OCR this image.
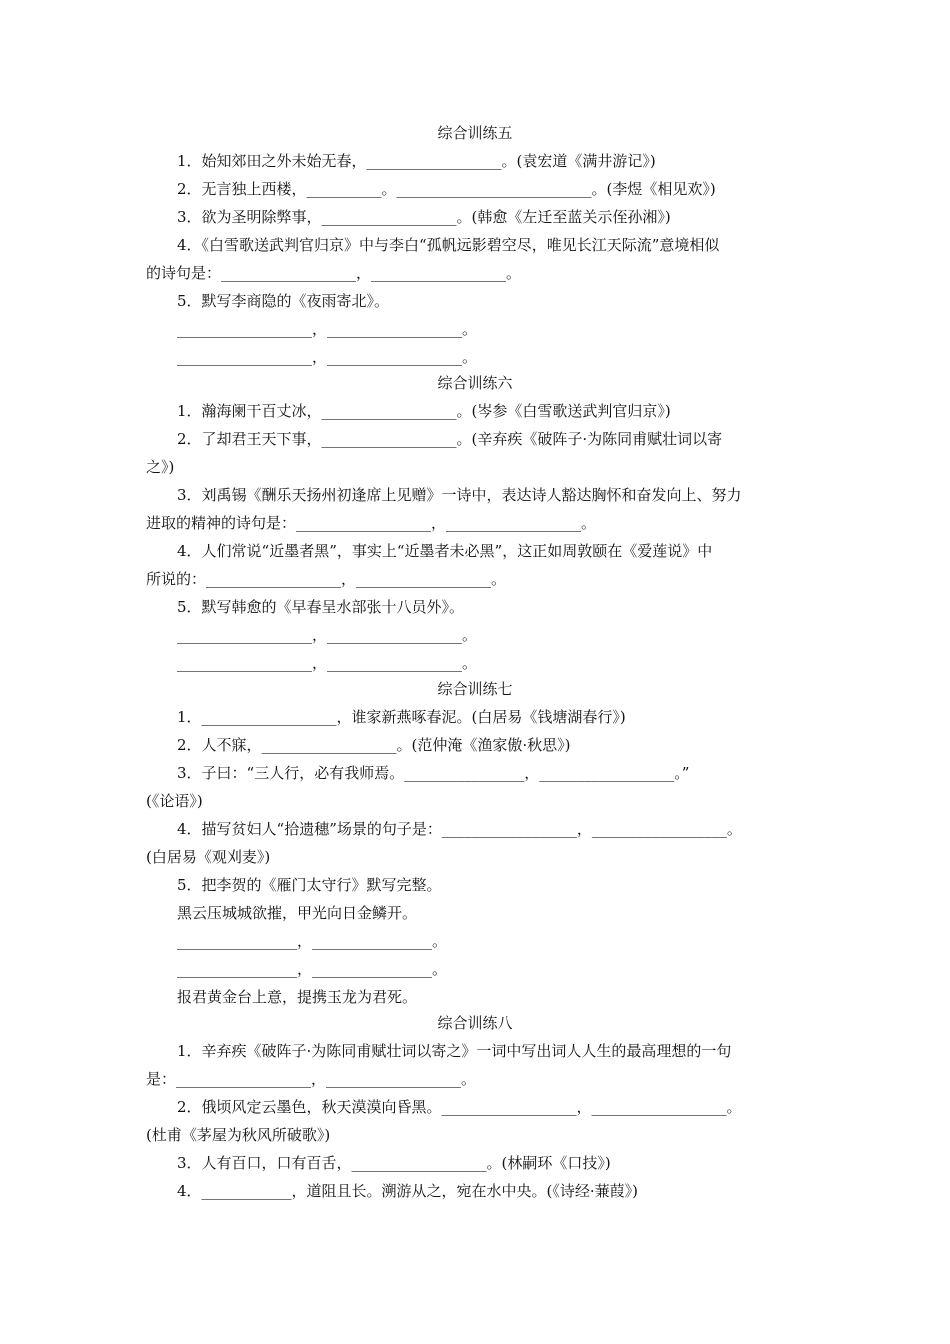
综合训练五
1．始知郊田之外未始无春，__________________。(袁宏道《满井游记》)
2．无言独上西楼，__________。__________________________。(李煜《相见欢》)
3．欲为圣明除弊事，__________________。(韩愈《左迁至蓝关示侄孙湘》)
4．《白雪歌送武判官归京》中与李白“孤帆远影碧空尽，唯见长江天际流”意境相似
的诗句是：__________________，__________________。
5．默写李商隐的《夜雨寄北》。
__________________，__________________。
__________________，__________________。
综合训练六
1．瀚海阑干百丈冰，__________________。(岑参《白雪歌送武判官归京》)
2．了却君王天下事，__________________。(辛弃疾《破阵子·为陈同甫赋壮词以寄
之》)
3．刘禹锡《酬乐天扬州初逢席上见赠》一诗中，表达诗人豁达胸怀和奋发向上、努力
进取的精神的诗句是：__________________，__________________。
4．人们常说“近墨者黑”，事实上“近墨者未必黑”，这正如周敦颐在《爱莲说》中
所说的：__________________，__________________。
5．默写韩愈的《早春呈水部张十八员外》。
__________________，__________________。
__________________，__________________。
综合训练七
1．__________________，谁家新燕啄春泥。(白居易《钱塘湖春行》)
2．人不寐，__________________。(范仲淹《渔家傲·秋思》)
3．子曰：“三人行，必有我师焉。________________，__________________。”
(《论语》)
4．描写贫妇人“拾遗穗”场景的句子是：__________________，__________________。
(白居易《观刈麦》)
5．把李贺的《雁门太守行》默写完整。
黑云压城城欲摧，甲光向日金鳞开。
________________，________________。
________________，________________。
报君黄金台上意，提携玉龙为君死。
综合训练八
1．辛弃疾《破阵子·为陈同甫赋壮词以寄之》一词中写出词人人生的最高理想的一句
是：__________________，__________________。
2．俄顷风定云墨色，秋天漠漠向昏黑。__________________，__________________。
(杜甫《茅屋为秋风所破歌》)
3．人有百口，口有百舌，__________________。(林嗣环《口技》)
4．____________，道阻且长。溯游从之，宛在水中央。(《诗经·蒹葭》)
